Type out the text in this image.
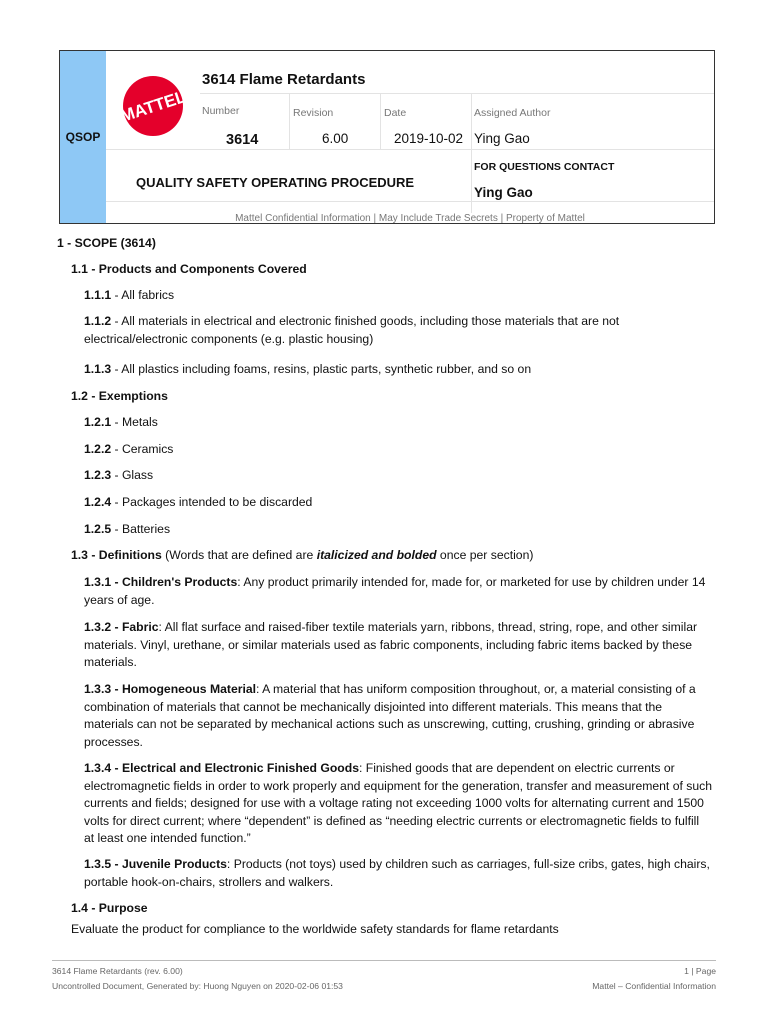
QSOP
MATTEL
3614 Flame Retardants
Number
3614
Revision
6.00
Date
2019-10-02
Assigned Author
Ying Gao
QUALITY SAFETY OPERATING PROCEDURE
FOR QUESTIONS CONTACT
Ying Gao
Mattel Confidential Information | May Include Trade Secrets | Property of Mattel

1 - SCOPE (3614)

1.1 - Products and Components Covered

1.1.1 - All fabrics

1.1.2 - All materials in electrical and electronic finished goods, including those materials that are not electrical/electronic components (e.g. plastic housing)

1.1.3 - All plastics including foams, resins, plastic parts, synthetic rubber, and so on

1.2 - Exemptions

1.2.1 - Metals

1.2.2 - Ceramics

1.2.3 - Glass

1.2.4 - Packages intended to be discarded

1.2.5 - Batteries

1.3 - Definitions (Words that are defined are italicized and bolded once per section)

1.3.1 - Children's Products: Any product primarily intended for, made for, or marketed for use by children under 14 years of age.

1.3.2 - Fabric: All flat surface and raised-fiber textile materials yarn, ribbons, thread, string, rope, and other similar materials. Vinyl, urethane, or similar materials used as fabric components, including fabric items backed by these materials.

1.3.3 - Homogeneous Material: A material that has uniform composition throughout, or, a material consisting of a combination of materials that cannot be mechanically disjointed into different materials. This means that the materials can not be separated by mechanical actions such as unscrewing, cutting, crushing, grinding or abrasive processes.

1.3.4 - Electrical and Electronic Finished Goods: Finished goods that are dependent on electric currents or electromagnetic fields in order to work properly and equipment for the generation, transfer and measurement of such currents and fields; designed for use with a voltage rating not exceeding 1000 volts for alternating current and 1500 volts for direct current; where “dependent” is defined as “needing electric currents or electromagnetic fields to fulfill at least one intended function.”

1.3.5 - Juvenile Products: Products (not toys) used by children such as carriages, full-size cribs, gates, high chairs, portable hook-on-chairs, strollers and walkers.

1.4 - Purpose

Evaluate the product for compliance to the worldwide safety standards for flame retardants

3614 Flame Retardants (rev. 6.00)
Uncontrolled Document, Generated by: Huong Nguyen on 2020-02-06 01:53
1 | Page
Mattel – Confidential Information
